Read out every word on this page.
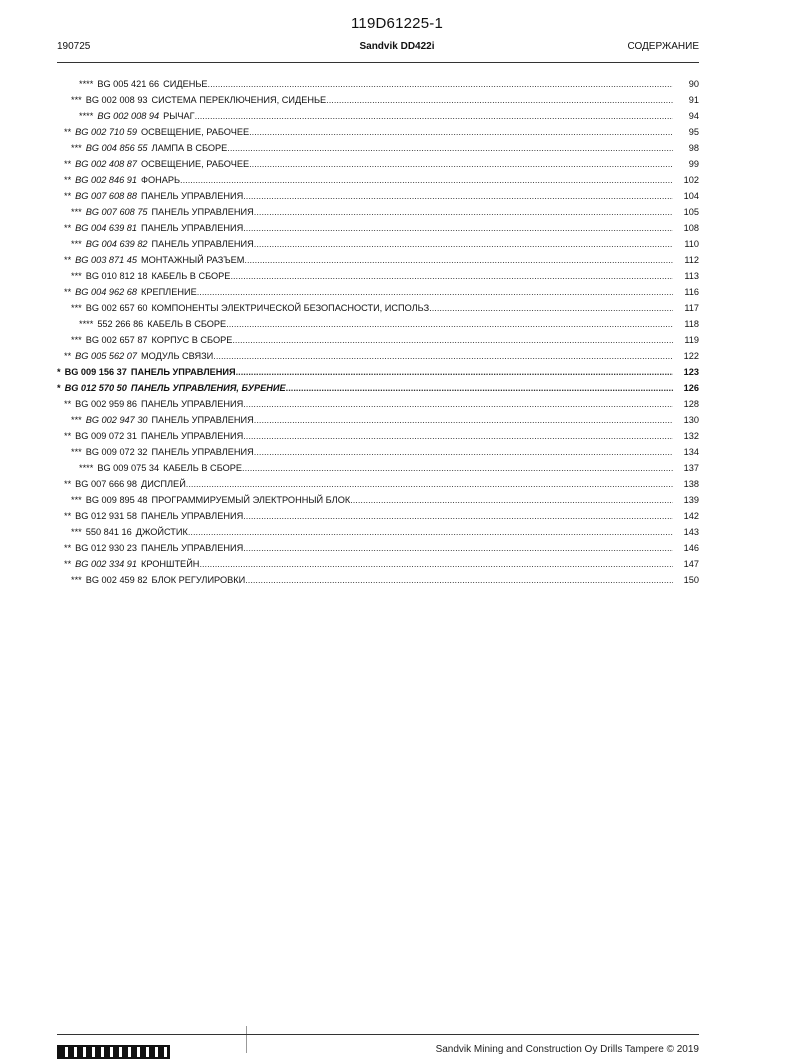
119D61225-1
190725	Sandvik DD422i	СОДЕРЖАНИЕ
**** BG 005 421 66 СИДЕНЬЕ .....	90
*** BG 002 008 93 СИСТЕМА ПЕРЕКЛЮЧЕНИЯ, СИДЕНЬЕ .....	91
**** BG 002 008 94 РЫЧАГ .....	94
** BG 002 710 59 ОСВЕЩЕНИЕ, РАБОЧЕЕ .....	95
*** BG 004 856 55 ЛАМПА В СБОРЕ .....	98
** BG 002 408 87 ОСВЕЩЕНИЕ, РАБОЧЕЕ .....	99
** BG 002 846 91 ФОНАРЬ .....	102
** BG 007 608 88 ПАНЕЛЬ УПРАВЛЕНИЯ .....	104
*** BG 007 608 75 ПАНЕЛЬ УПРАВЛЕНИЯ .....	105
** BG 004 639 81 ПАНЕЛЬ УПРАВЛЕНИЯ .....	108
*** BG 004 639 82 ПАНЕЛЬ УПРАВЛЕНИЯ .....	110
** BG 003 871 45 МОНТАЖНЫЙ РАЗЪЕМ .....	112
*** BG 010 812 18 КАБЕЛЬ В СБОРЕ .....	113
** BG 004 962 68 КРЕПЛЕНИЕ .....	116
*** BG 002 657 60 КОМПОНЕНТЫ ЭЛЕКТРИЧЕСКОЙ БЕЗОПАСНОСТИ, ИСПОЛЬЗ. .....	117
**** 552 266 86 КАБЕЛЬ В СБОРЕ .....	118
*** BG 002 657 87 КОРПУС В СБОРЕ .....	119
** BG 005 562 07 МОДУЛЬ СВЯЗИ .....	122
* BG 009 156 37 ПАНЕЛЬ УПРАВЛЕНИЯ .....	123
* BG 012 570 50 ПАНЕЛЬ УПРАВЛЕНИЯ, БУРЕНИЕ .....	126
** BG 002 959 86 ПАНЕЛЬ УПРАВЛЕНИЯ .....	128
*** BG 002 947 30 ПАНЕЛЬ УПРАВЛЕНИЯ .....	130
** BG 009 072 31 ПАНЕЛЬ УПРАВЛЕНИЯ .....	132
*** BG 009 072 32 ПАНЕЛЬ УПРАВЛЕНИЯ .....	134
**** BG 009 075 34 КАБЕЛЬ В СБОРЕ .....	137
** BG 007 666 98 ДИСПЛЕЙ .....	138
*** BG 009 895 48 ПРОГРАММИРУЕМЫЙ ЭЛЕКТРОННЫЙ БЛОК .....	139
** BG 012 931 58 ПАНЕЛЬ УПРАВЛЕНИЯ .....	142
*** 550 841 16 ДЖОЙСТИК .....	143
** BG 012 930 23 ПАНЕЛЬ УПРАВЛЕНИЯ .....	146
** BG 002 334 91 КРОНШТЕЙН .....	147
*** BG 002 459 82 БЛОК РЕГУЛИРОВКИ .....	150
Sandvik Mining and Construction Oy Drills Tampere © 2019
